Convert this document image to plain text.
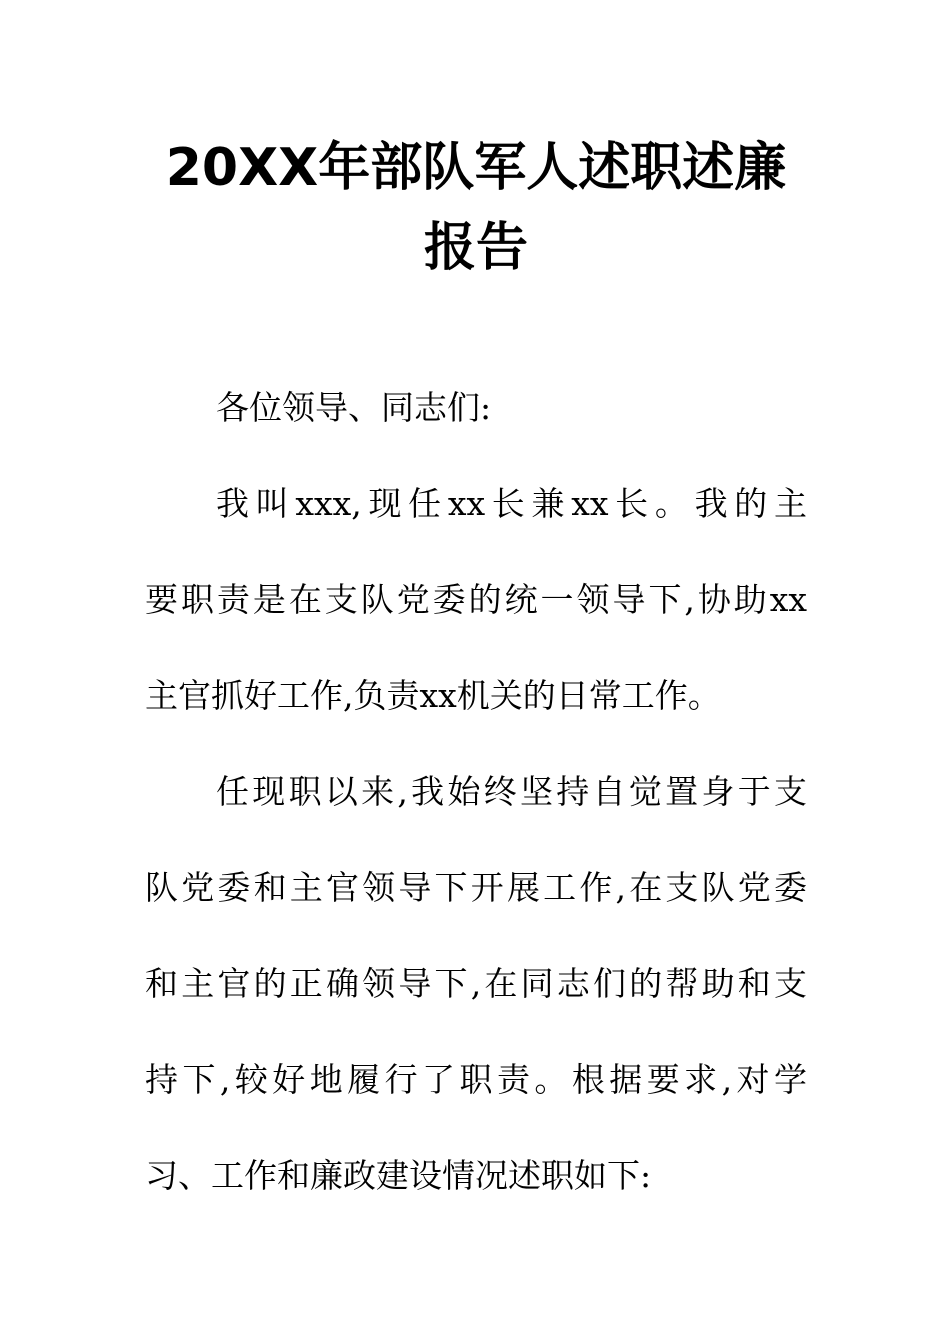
20XX年部队军人述职述廉
报告
各位领导、同志们:
我叫xxx,现任xx长兼xx长。我的主
要职责是在支队党委的统一领导下,协助xx
主官抓好工作,负责xx机关的日常工作。
任现职以来,我始终坚持自觉置身于支
队党委和主官领导下开展工作,在支队党委
和主官的正确领导下,在同志们的帮助和支
持下,较好地履行了职责。根据要求,对学
习、工作和廉政建设情况述职如下:
